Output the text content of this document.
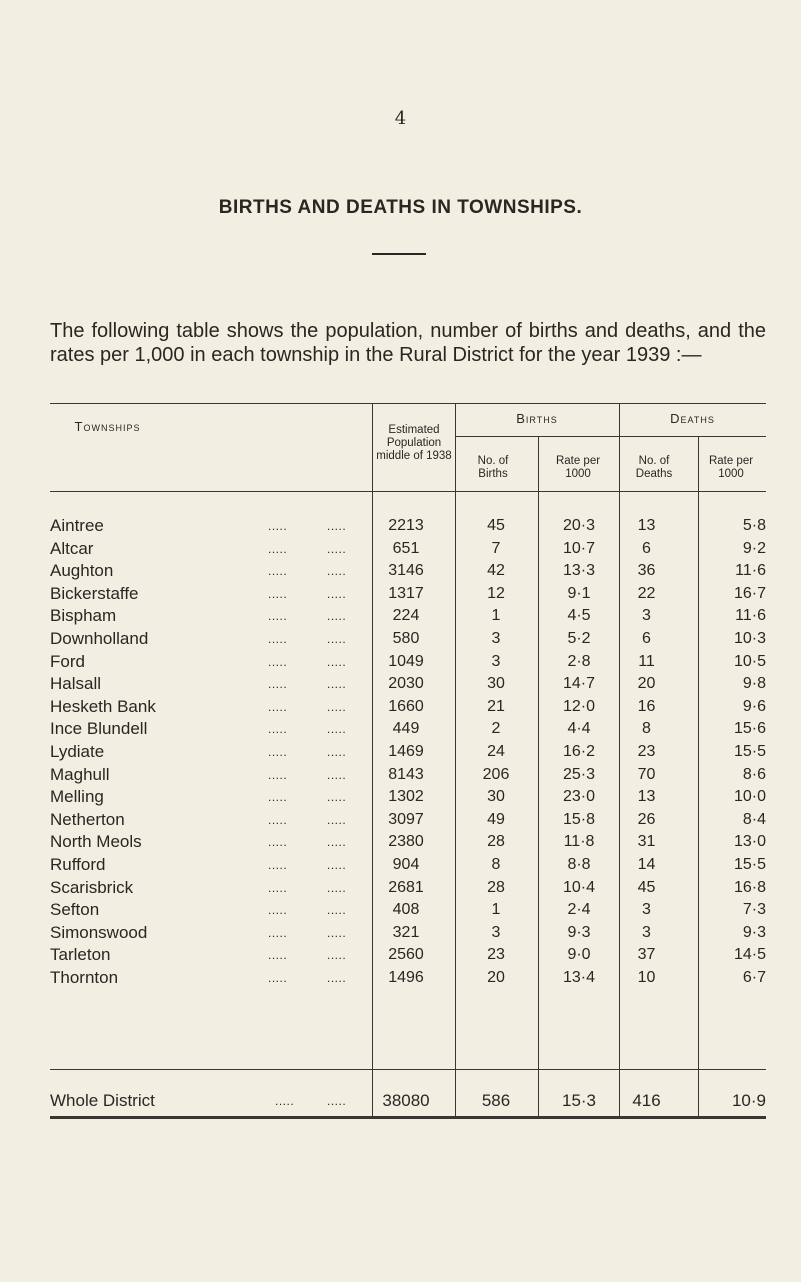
4
BIRTHS AND DEATHS IN TOWNSHIPS.
The following table shows the population, number of births and deaths, and the rates per 1,000 in each township in the Rural District for the year 1939 :—
Townships	Estimated Population middle of 1938
Births	Deaths
No. of Births
Rate per 1000
No. of Deaths
Rate per 1000
Aintree	.....	.....	2213	45	20·3	13	5·8
Altcar	.....	.....	651	7	10·7	6	9·2
Aughton	.....	.....	3146	42	13·3	36	11·6
Bickerstaffe	.....	.....	1317	12	9·1	22	16·7
Bispham	.....	.....	224	1	4·5	3	11·6
Downholland	.....	.....	580	3	5·2	6	10·3
Ford	.....	.....	1049	3	2·8	11	10·5
Halsall	.....	.....	2030	30	14·7	20	9·8
Hesketh Bank	.....	.....	1660	21	12·0	16	9·6
Ince Blundell	.....	.....	449	2	4·4	8	15·6
Lydiate	.....	.....	1469	24	16·2	23	15·5
Maghull	.....	.....	8143	206	25·3	70	8·6
Melling	.....	.....	1302	30	23·0	13	10·0
Netherton	.....	.....	3097	49	15·8	26	8·4
North Meols	.....	.....	2380	28	11·8	31	13·0
Rufford	.....	.....	904	8	8·8	14	15·5
Scarisbrick	.....	.....	2681	28	10·4	45	16·8
Sefton	.....	.....	408	1	2·4	3	7·3
Simonswood	.....	.....	321	3	9·3	3	9·3
Tarleton	.....	.....	2560	23	9·0	37	14·5
Thornton	.....	.....	1496	20	13·4	10	6·7
Whole District	.....	.....	38080	586	15·3	416	10·9
